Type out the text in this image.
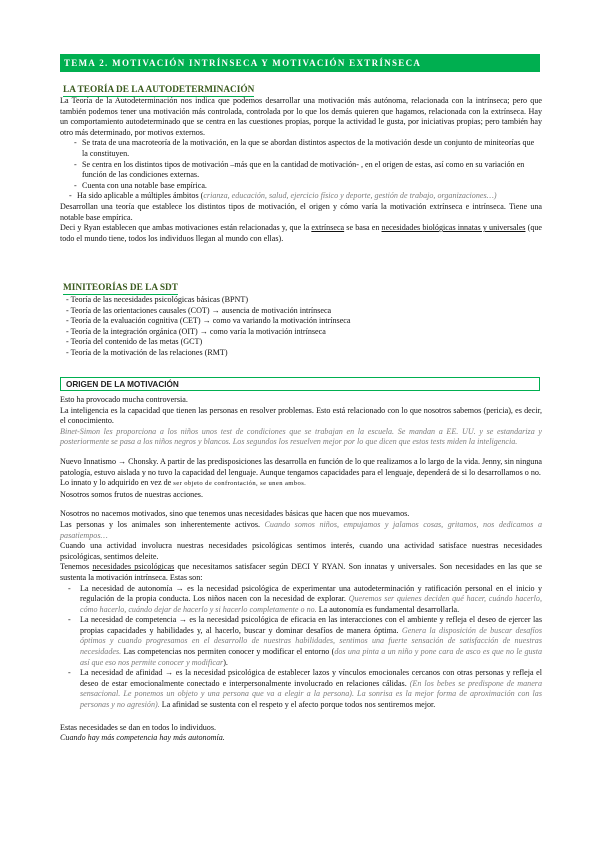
TEMA 2. MOTIVACIÓN INTRÍNSECA Y MOTIVACIÓN EXTRÍNSECA
LA TEORÍA DE LA AUTODETERMINACIÓN

La Teoría de la Autodeterminación nos indica que podemos desarrollar una motivación más autónoma, relacionada con la intrínseca; pero que también podemos tener una motivación más controlada, controlada por lo que los demás quieren que hagamos, relacionada con la extrínseca. Hay un comportamiento autodeterminado que se centra en las cuestiones propias, porque la actividad le gusta, por iniciativas propias; pero también hay otro más determinado, por motivos externos.

- Se trata de una macroteoría de la motivación, en la que se abordan distintos aspectos de la motivación desde un conjunto de miniteorías que la constituyen.
- Se centra en los distintos tipos de motivación –más que en la cantidad de motivación- , en el origen de estas, así como en su variación en función de las condiciones externas.
- Cuenta con una notable base empírica.
- Ha sido aplicable a múltiples ámbitos (crianza, educación, salud, ejercicio físico y deporte, gestión de trabajo, organizaciones…)

Desarrollan una teoría que establece los distintos tipos de motivación, el origen y cómo varía la motivación extrínseca e intrínseca. Tiene una notable base empírica.

Deci y Ryan establecen que ambas motivaciones están relacionadas y, que la extrínseca se basa en necesidades biológicas innatas y universales (que todo el mundo tiene, todos los individuos llegan al mundo con ellas).

MINITEORÍAS DE LA SDT
- Teoría de las necesidades psicológicas básicas (BPNT)
- Teoría de las orientaciones causales (COT) → ausencia de motivación intrínseca
- Teoría de la evaluación cognitiva (CET) → como va variando la motivación intrínseca
- Teoría de la integración orgánica (OIT) → como varía la motivación intrínseca
- Teoría del contenido de las metas (GCT)
- Teoría de la motivación de las relaciones (RMT)
ORIGEN DE LA MOTIVACIÓN

Esto ha provocado mucha controversia.

La inteligencia es la capacidad que tienen las personas en resolver problemas. Esto está relacionado con lo que nosotros sabemos (pericia), es decir, el conocimiento.

Binet-Simon les proporciona a los niños unos test de condiciones que se trabajan en la escuela. Se mandan a EE. UU. y se estandariza y posteriormente se pasa a los niños negros y blancos. Los segundos los resuelven mejor por lo que dicen que estos tests miden la inteligencia.

Nuevo Innatismo → Chonsky. A partir de las predisposiciones las desarrolla en función de lo que realizamos a lo largo de la vida. Jenny, sin ninguna patología, estuvo aislada y no tuvo la capacidad del lenguaje. Aunque tengamos capacidades para el lenguaje, dependerá de si lo desarrollamos o no.

Lo innato y lo adquirido en vez de ser objeto de confrontación, se unen ambos.

Nosotros somos frutos de nuestras acciones.

Nosotros no nacemos motivados, sino que tenemos unas necesidades básicas que hacen que nos muevamos.

Las personas y los animales son inherentemente activos. Cuando somos niños, empujamos y jalamos cosas, gritamos, nos dedicamos a pasatiempos…

Cuando una actividad involucra nuestras necesidades psicológicas sentimos interés, cuando una actividad satisface nuestras necesidades psicológicas, sentimos deleite.

Tenemos necesidades psicológicas que necesitamos satisfacer según DECI Y RYAN. Son innatas y universales. Son necesidades en las que se sustenta la motivación intrínseca. Estas son:

- La necesidad de autonomía → es la necesidad psicológica de experimentar una autodeterminación y ratificación personal en el inicio y regulación de la propia conducta. Los niños nacen con la necesidad de explorar. Queremos ser quienes deciden qué hacer, cuándo hacerlo, cómo hacerlo, cuándo dejar de hacerlo y si hacerlo completamente o no. La autonomía es fundamental desarrollarla.

- La necesidad de competencia → es la necesidad psicológica de eficacia en las interacciones con el ambiente y refleja el deseo de ejercer las propias capacidades y habilidades y, al hacerlo, buscar y dominar desafíos de manera óptima. Genera la disposición de buscar desafíos óptimos y cuando progresamos en el desarrollo de nuestras habilidades, sentimos una fuerte sensación de satisfacción de nuestras necesidades. Las competencias nos permiten conocer y modificar el entorno (dos una pinta a un niño y pone cara de asco es que no le gusta así que eso nos permite conocer y modificar).

- La necesidad de afinidad → es la necesidad psicológica de establecer lazos y vínculos emocionales cercanos con otras personas y refleja el deseo de estar emocionalmente conectado e interpersonalmente involucrado en relaciones cálidas. (En los bebes se predispone de manera sensacional. Le ponemos un objeto y una persona que va a elegir a la persona). La sonrisa es la mejor forma de aproximación con las personas y no agresión). La afinidad se sustenta con el respeto y el afecto porque todos nos sentiremos mejor.

Estas necesidades se dan en todos lo individuos.

Cuando hay más competencia hay más autonomía.
